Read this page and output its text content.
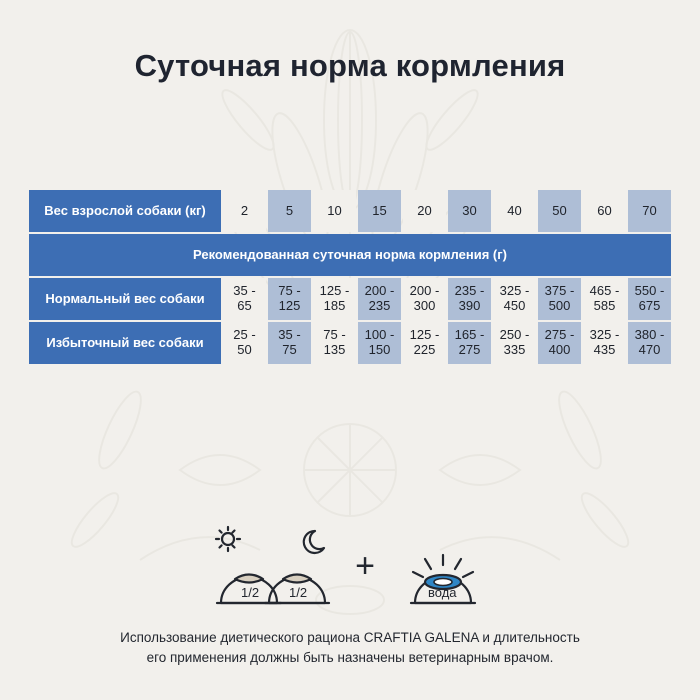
Суточная норма кормления
Вес взрослой собаки (кг)	2	5	10	15	20	30	40	50	60	70
Рекомендованная суточная норма кормления (г)										
Нормальный вес собаки	35 - 65	75 - 125	125 - 185	200 - 235	200 - 300	235 - 390	325 - 450	375 - 500	465 - 585	550 - 675
Избыточный вес собаки	25 - 50	35 - 75	75 - 135	100 - 150	125 - 225	165 - 275	250 - 335	275 - 400	325 - 435	380 - 470
1/2 1/2
+
вода
Использование диетического рациона CRAFTIA GALENA и длительность
его применения должны быть назначены ветеринарным врачом.
